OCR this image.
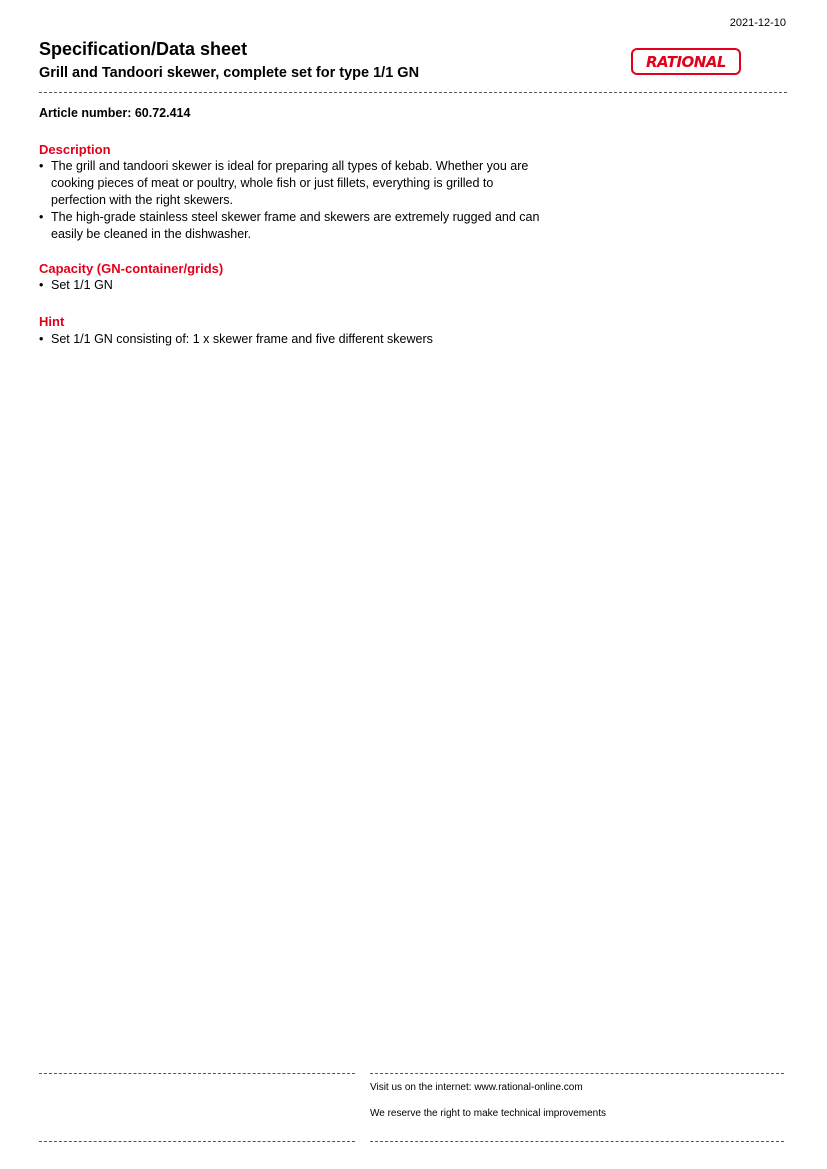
2021-12-10
Specification/Data sheet
Grill and Tandoori skewer, complete set for type 1/1 GN
RATIONAL
Article number: 60.72.414
Description
• The grill and tandoori skewer is ideal for preparing all types of kebab. Whether you are cooking pieces of meat or poultry, whole fish or just fillets, everything is grilled to perfection with the right skewers.
• The high-grade stainless steel skewer frame and skewers are extremely rugged and can easily be cleaned in the dishwasher.
Capacity (GN-container/grids)
• Set 1/1 GN
Hint
• Set 1/1 GN consisting of: 1 x skewer frame and five different skewers
Visit us on the internet: www.rational-online.com
We reserve the right to make technical improvements
